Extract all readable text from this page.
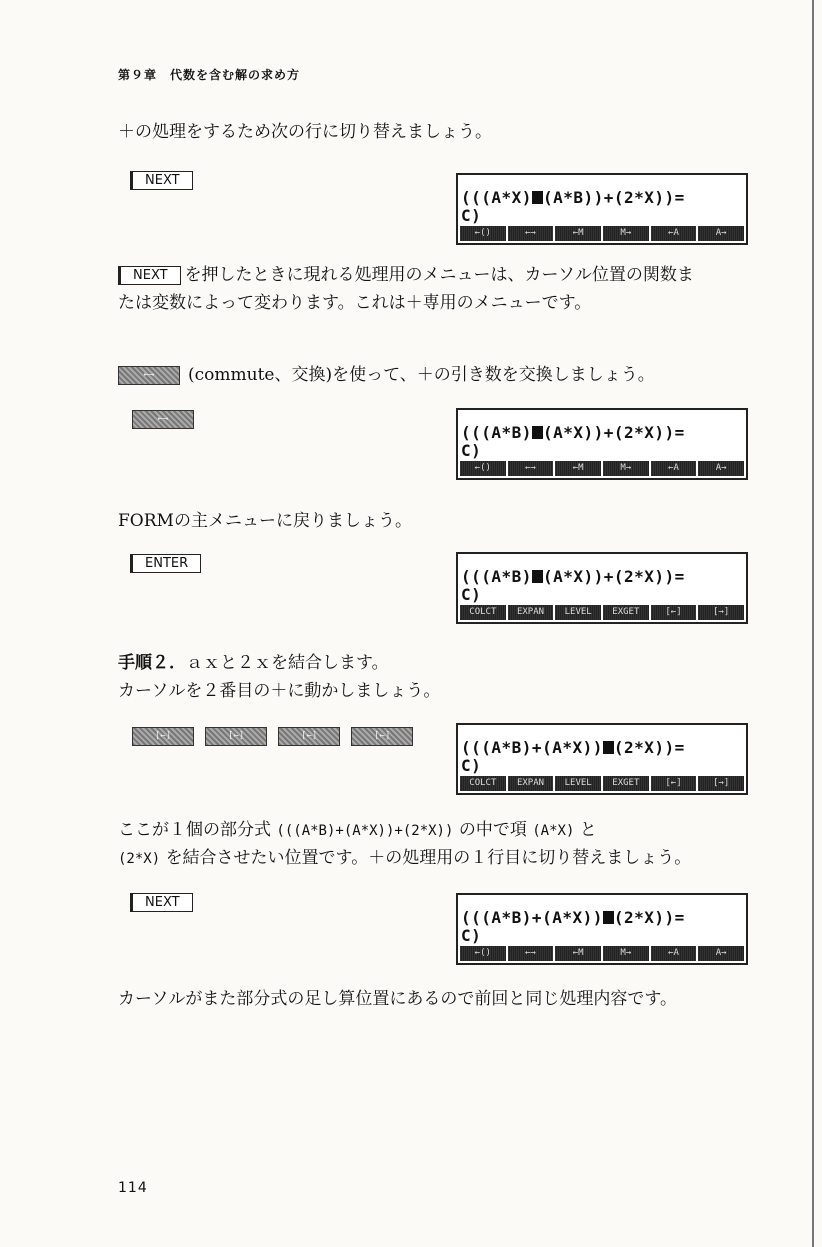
第９章　代数を含む解の求め方
＋の処理をするため次の行に切り替えましょう。
NEXT
(((A*X) (A*B))+(2*X))=
C)
←()	←→	←M	M→	←A	A→
NEXT を押したときに現れる処理用のメニューは、カーソル位置の関数ま
たは変数によって変わります。これは＋専用のメニューです。
←→ (commute、交換)を使って、＋の引き数を交換しましょう。
←→
(((A*B) (A*X))+(2*X))=
C)
←()	←→	←M	M→	←A	A→
FORMの主メニューに戻りましょう。
ENTER
(((A*B) (A*X))+(2*X))=
C)
COLCT	EXPAN	LEVEL	EXGET	[←]	[→]
手順２．ａｘと２ｘを結合します。
カーソルを２番目の＋に動かしましょう。
[←]	[←]	[←]	[←]
(((A*B)+(A*X)) (2*X))=
C)
COLCT	EXPAN	LEVEL	EXGET	[←]	[→]
ここが１個の部分式 (((A*B)+(A*X))+(2*X)) の中で項 (A*X) と
(2*X) を結合させたい位置です。＋の処理用の１行目に切り替えましょう。
NEXT
(((A*B)+(A*X)) (2*X))=
C)
←()	←→	←M	M→	←A	A→
カーソルがまた部分式の足し算位置にあるので前回と同じ処理内容です。
114
